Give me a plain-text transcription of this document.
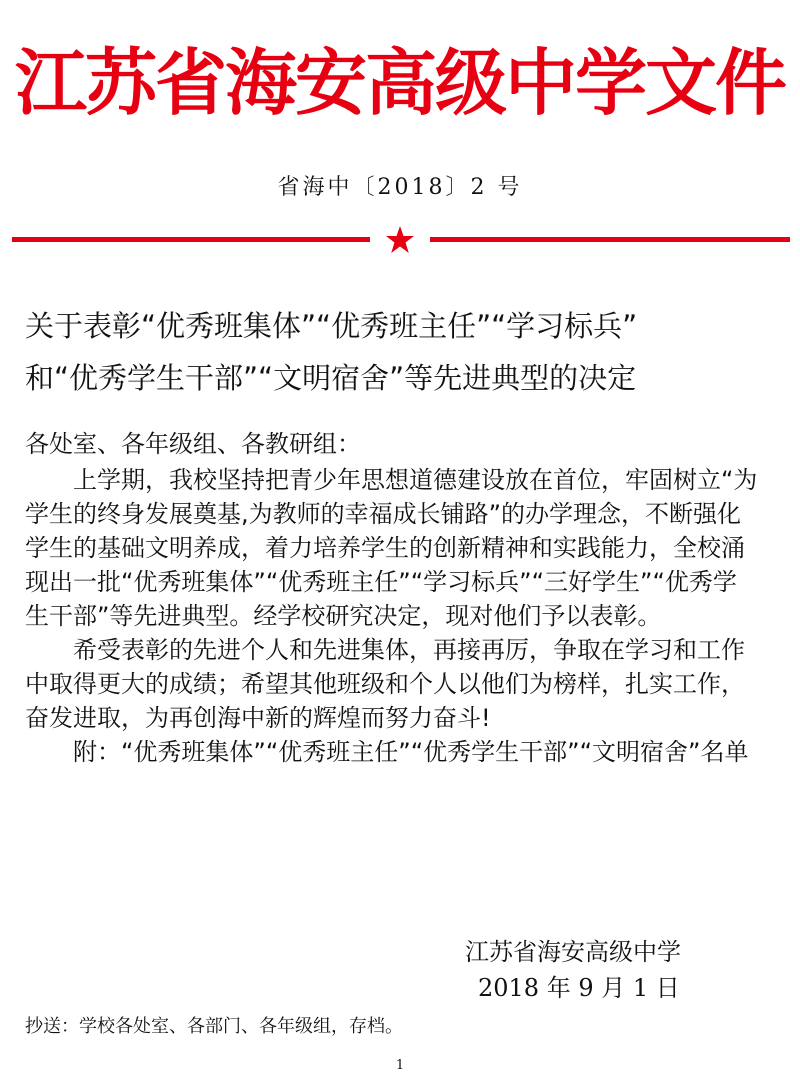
江苏省海安高级中学文件
省海中〔2018〕2 号
关于表彰“优秀班集体”“优秀班主任”“学习标兵”
和“优秀学生干部”“文明宿舍”等先进典型的决定
各处室、各年级组、各教研组：

上学期，我校坚持把青少年思想道德建设放在首位，牢固树立“为学生的终身发展奠基,为教师的幸福成长铺路”的办学理念，不断强化学生的基础文明养成，着力培养学生的创新精神和实践能力，全校涌现出一批“优秀班集体”“优秀班主任”“学习标兵”“三好学生”“优秀学生干部”等先进典型。经学校研究决定，现对他们予以表彰。

希受表彰的先进个人和先进集体，再接再厉，争取在学习和工作中取得更大的成绩；希望其他班级和个人以他们为榜样，扎实工作，奋发进取，为再创海中新的辉煌而努力奋斗!

附：“优秀班集体”“优秀班主任”“优秀学生干部”“文明宿舍”名单

江苏省海安高级中学
2018 年 9 月 1 日
抄送：学校各处室、各部门、各年级组，存档。
1
